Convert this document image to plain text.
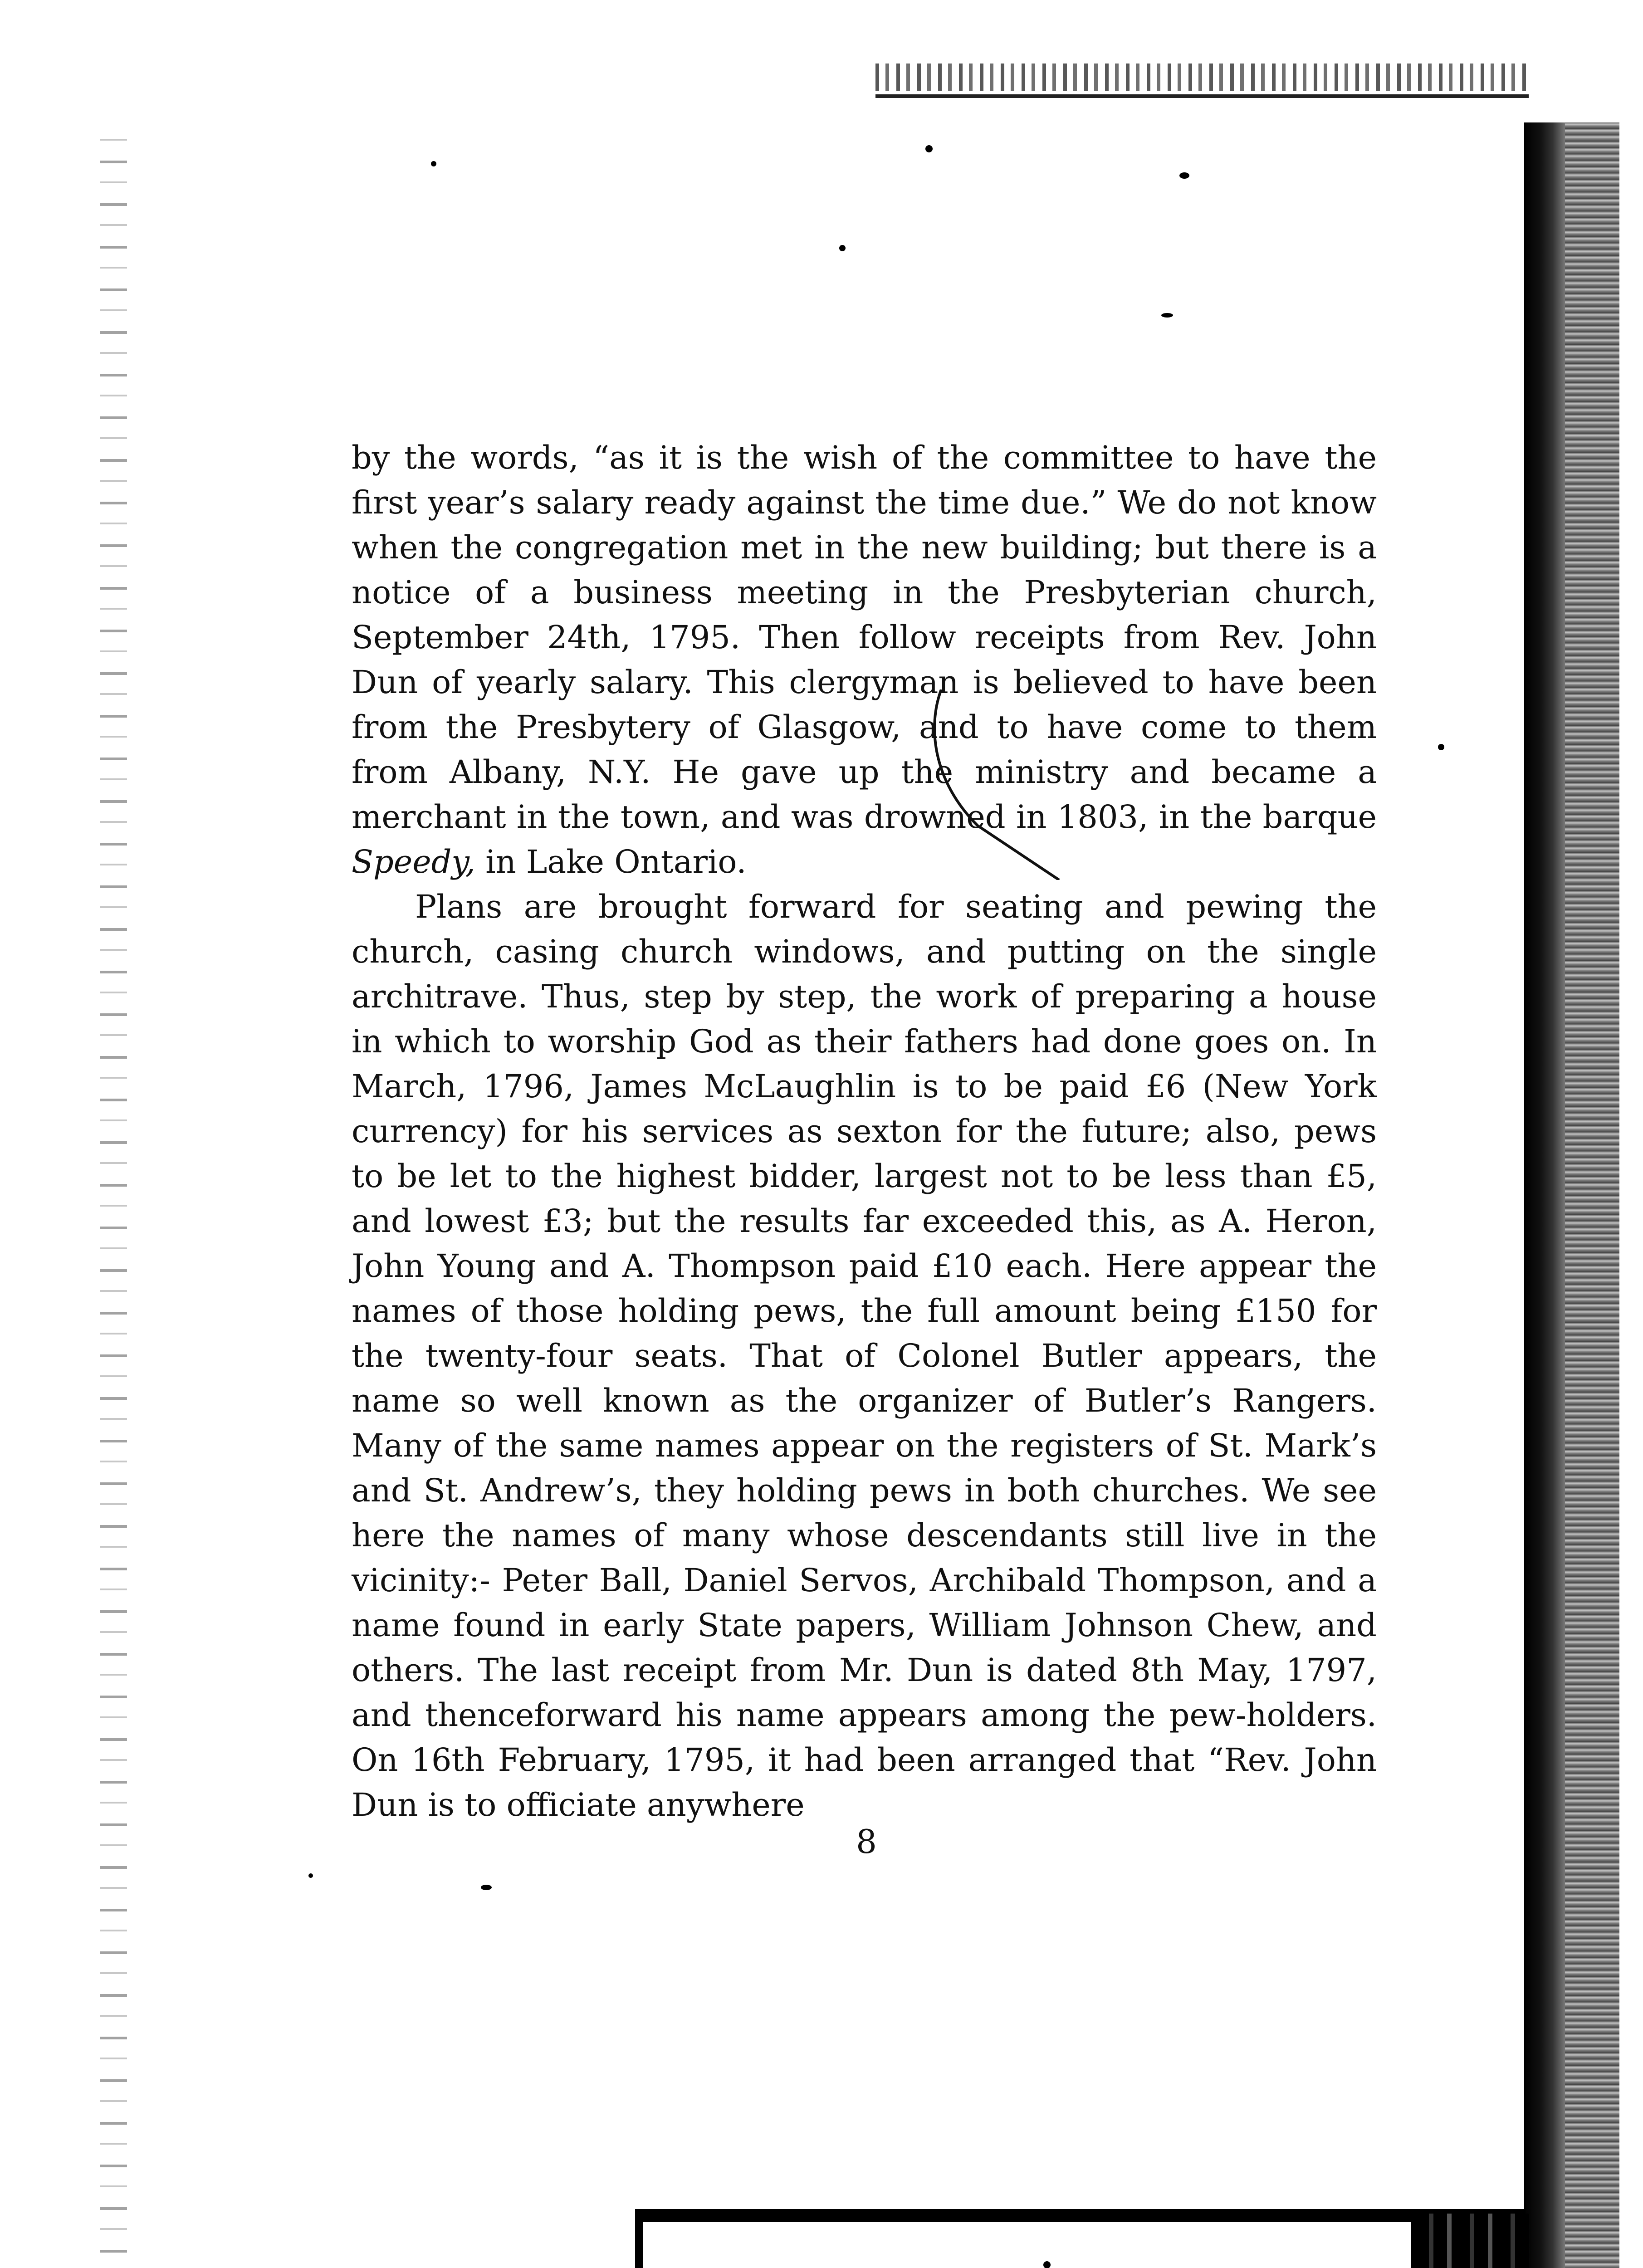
by the words, “as it is the wish of the committee to have the first year’s salary ready against the time due.” We do not know when the congregation met in the new building; but there is a notice of a business meeting in the Presbyterian church, September 24th, 1795. Then follow receipts from Rev. John Dun of yearly salary. This clergyman is believed to have been from the Presbytery of Glasgow, and to have come to them from Albany, N.Y. He gave up the ministry and became a merchant in the town, and was drowned in 1803, in the barque Speedy, in Lake Ontario.

Plans are brought forward for seating and pewing the church, casing church windows, and putting on the single architrave. Thus, step by step, the work of preparing a house in which to worship God as their fathers had done goes on. In March, 1796, James McLaughlin is to be paid £6 (New York currency) for his services as sexton for the future; also, pews to be let to the highest bidder, largest not to be less than £5, and lowest £3; but the results far exceeded this, as A. Heron, John Young and A. Thompson paid £10 each. Here appear the names of those holding pews, the full amount being £150 for the twenty-four seats. That of Colonel Butler appears, the name so well known as the organizer of Butler’s Rangers. Many of the same names appear on the registers of St. Mark’s and St. Andrew’s, they holding pews in both churches. We see here the names of many whose descendants still live in the vicinity:- Peter Ball, Daniel Servos, Archibald Thompson, and a name found in early State papers, William Johnson Chew, and others. The last receipt from Mr. Dun is dated 8th May, 1797, and thenceforward his name appears among the pew-holders. On 16th February, 1795, it had been arranged that “Rev. John Dun is to officiate anywhere

8
